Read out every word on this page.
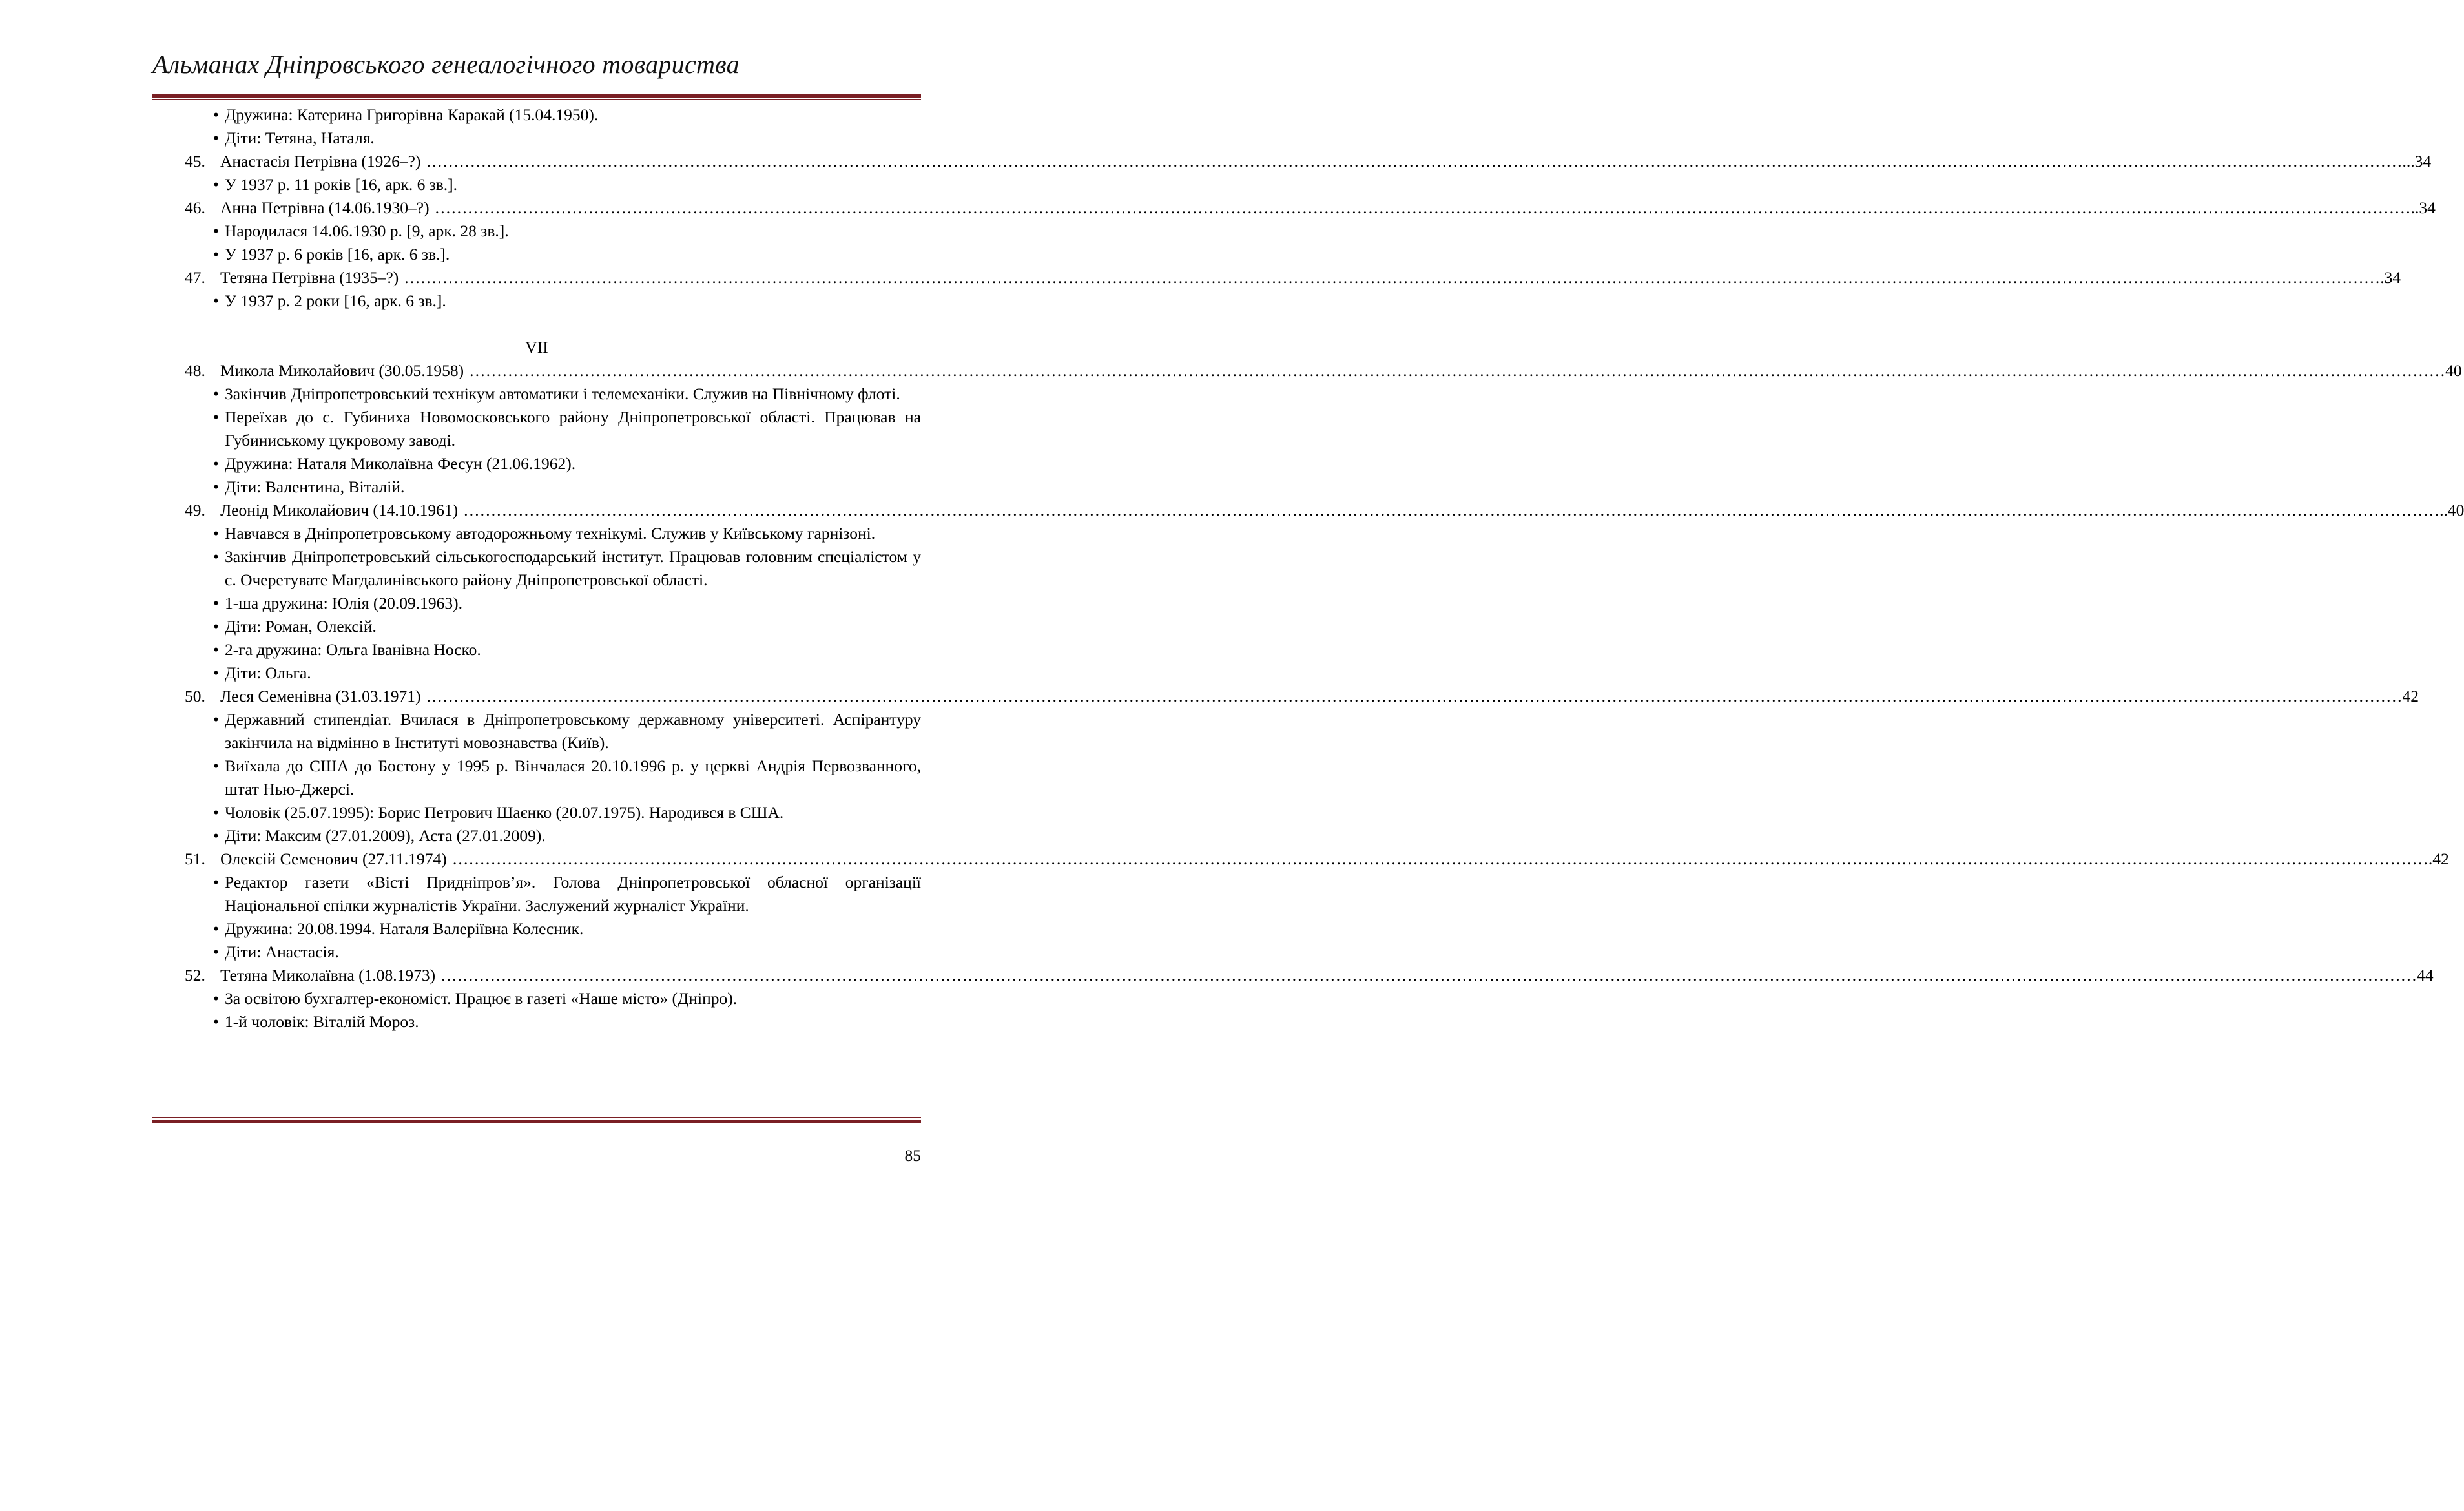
Альманах Дніпровського генеалогічного товариства

• Дружина: Катерина Григорівна Каракай (15.04.1950).

• Діти: Тетяна, Наталя.

45. Анастасія Петрівна (1926–?) ……………………………………………………………………………………………………………………………………………………………………………………………………………………………………………………………………………………………………………………………… ...34

• У 1937 р. 11 років [16, арк. 6 зв.].

46. Анна Петрівна (14.06.1930–?) ……………………………………………………………………………………………………………………………………………………………………………………………………………………………………………………………………………………………………………………………… ..34

• Народилася 14.06.1930 р. [9, арк. 28 зв.].

• У 1937 р. 6 років [16, арк. 6 зв.].

47. Тетяна Петрівна (1935–?) ……………………………………………………………………………………………………………………………………………………………………………………………………………………………………………………………………………………………………………………………… .34

• У 1937 р. 2 роки [16, арк. 6 зв.].

VII
48. Микола Миколайович (30.05.1958) ……………………………………………………………………………………………………………………………………………………………………………………………………………………………………………………………………………………………………………………………… 40

• Закінчив Дніпропетровський технікум автоматики і телемеханіки. Служив на Північному флоті.

• Переїхав до с. Губиниха Новомосковського району Дніпропетровської області. Працював на Губиниському цукровому заводі.

• Дружина: Наталя Миколаївна Фесун (21.06.1962).

• Діти: Валентина, Віталій.

49. Леонід Миколайович (14.10.1961) ……………………………………………………………………………………………………………………………………………………………………………………………………………………………………………………………………………………………………………………………… ..40

• Навчався в Дніпропетровському автодорожньому технікумі. Служив у Київському гарнізоні.

• Закінчив Дніпропетровський сільськогосподарський інститут. Працював головним спеціалістом у с. Очеретувате Магдалинівського району Дніпропетровської області.

• 1-ша дружина: Юлія (20.09.1963).

• Діти: Роман, Олексій.

• 2-га дружина: Ольга Іванівна Носко.

• Діти: Ольга.

50. Леся Семенівна (31.03.1971) ……………………………………………………………………………………………………………………………………………………………………………………………………………………………………………………………………………………………………………………………… 42

• Державний стипендіат. Вчилася в Дніпропетровському державному університеті. Аспірантуру закінчила на відмінно в Інституті мовознавства (Київ).

• Виїхала до США до Бостону у 1995 р. Вінчалася 20.10.1996 р. у церкві Андрія Первозванного, штат Нью-Джерсі.

• Чоловік (25.07.1995): Борис Петрович Шаєнко (20.07.1975). Народився в США.

• Діти: Максим (27.01.2009), Аста (27.01.2009).

51. Олексій Семенович (27.11.1974) ……………………………………………………………………………………………………………………………………………………………………………………………………………………………………………………………………………………………………………………………… .42

• Редактор газети «Вісті Придніпров’я». Голова Дніпропетровської обласної організації Національної спілки журналістів України. Заслужений журналіст України.

• Дружина: 20.08.1994. Наталя Валеріївна Колесник.

• Діти: Анастасія.

52. Тетяна Миколаївна (1.08.1973) ……………………………………………………………………………………………………………………………………………………………………………………………………………………………………………………………………………………………………………………………… 44

• За освітою бухгалтер-економіст. Працює в газеті «Наше місто» (Дніпро).

• 1-й чоловік: Віталій Мороз.

85
